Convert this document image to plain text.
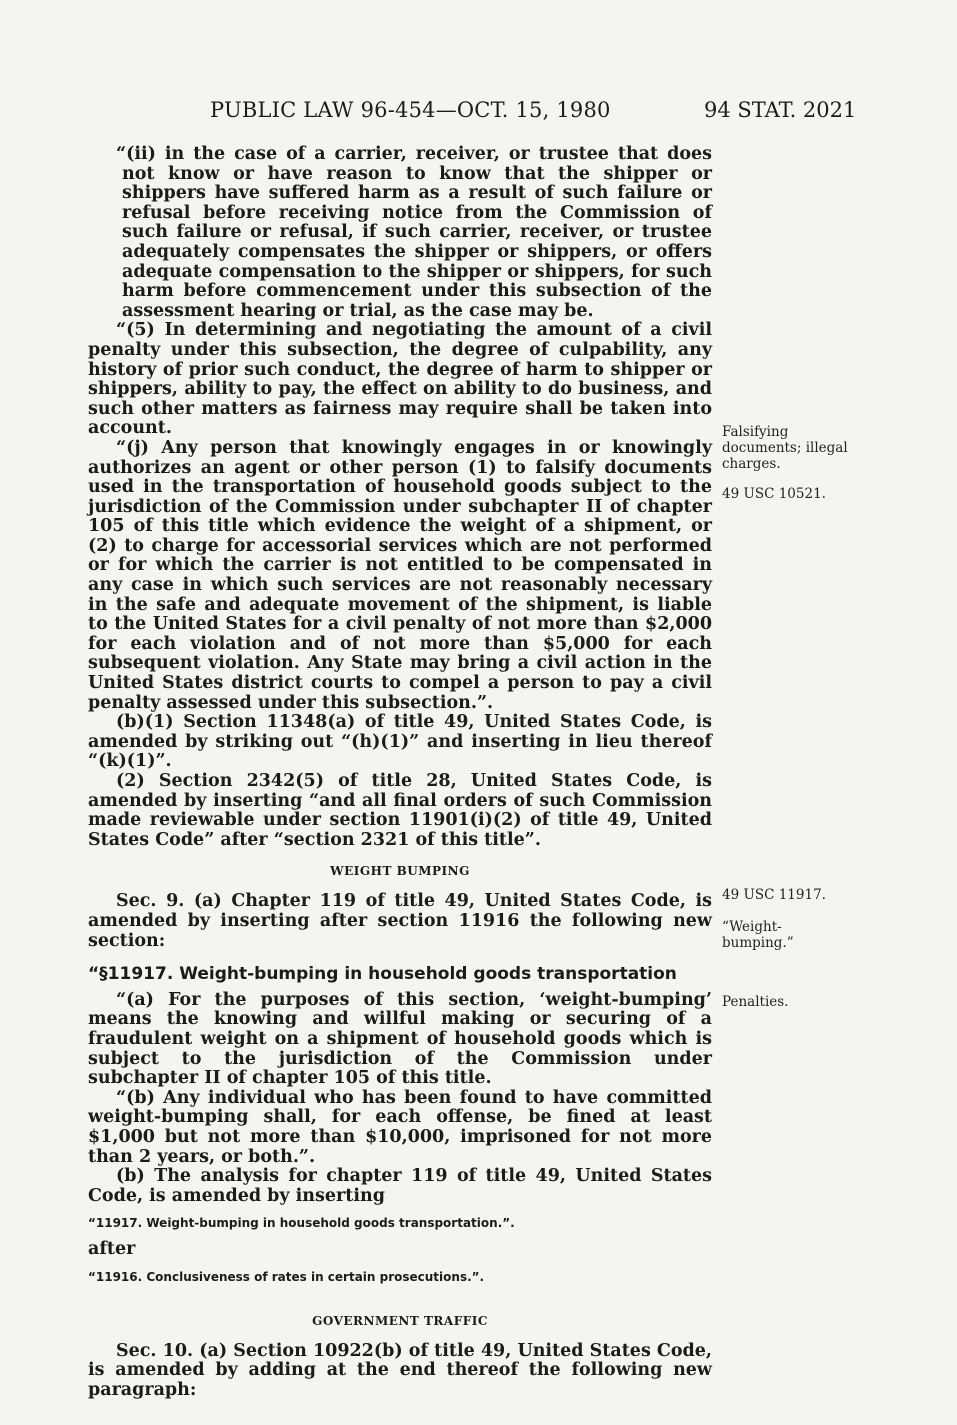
PUBLIC LAW 96-454—OCT. 15, 1980	94 STAT. 2021

“(ii) in the case of a carrier, receiver, or trustee that does not know or have reason to know that the shipper or shippers have suffered harm as a result of such failure or refusal before receiving notice from the Commission of such failure or refusal, if such carrier, receiver, or trustee adequately compensates the shipper or shippers, or offers adequate compensation to the shipper or shippers, for such harm before commencement under this subsection of the assessment hearing or trial, as the case may be.

“(5) In determining and negotiating the amount of a civil penalty under this subsection, the degree of culpability, any history of prior such conduct, the degree of harm to shipper or shippers, ability to pay, the effect on ability to do business, and such other matters as fairness may require shall be taken into account.

“(j) Any person that knowingly engages in or knowingly authorizes an agent or other person (1) to falsify documents used in the transportation of household goods subject to the jurisdiction of the Commission under subchapter II of chapter 105 of this title which evidence the weight of a shipment, or (2) to charge for accessorial services which are not performed or for which the carrier is not entitled to be compensated in any case in which such services are not reasonably necessary in the safe and adequate movement of the shipment, is liable to the United States for a civil penalty of not more than $2,000 for each violation and of not more than $5,000 for each subsequent violation. Any State may bring a civil action in the United States district courts to compel a person to pay a civil penalty assessed under this subsection.”.

(b)(1) Section 11348(a) of title 49, United States Code, is amended by striking out “(h)(1)” and inserting in lieu thereof “(k)(1)”.

(2) Section 2342(5) of title 28, United States Code, is amended by inserting “and all final orders of such Commission made reviewable under section 11901(i)(2) of title 49, United States Code” after “section 2321 of this title”.

WEIGHT BUMPING

Sec. 9. (a) Chapter 119 of title 49, United States Code, is amended by inserting after section 11916 the following new section:

“§11917. Weight-bumping in household goods transportation

“(a) For the purposes of this section, ‘weight-bumping’ means the knowing and willful making or securing of a fraudulent weight on a shipment of household goods which is subject to the jurisdiction of the Commission under subchapter II of chapter 105 of this title.

“(b) Any individual who has been found to have committed weight-bumping shall, for each offense, be fined at least $1,000 but not more than $10,000, imprisoned for not more than 2 years, or both.”.

(b) The analysis for chapter 119 of title 49, United States Code, is amended by inserting

“11917. Weight-bumping in household goods transportation.”.

after

“11916. Conclusiveness of rates in certain prosecutions.”.
GOVERNMENT TRAFFIC

Sec. 10. (a) Section 10922(b) of title 49, United States Code, is amended by adding at the end thereof the following new paragraph:

Falsifying documents; illegal charges.
49 USC 10521.
49 USC 11917.
“Weight-bumping.”
Penalties.
